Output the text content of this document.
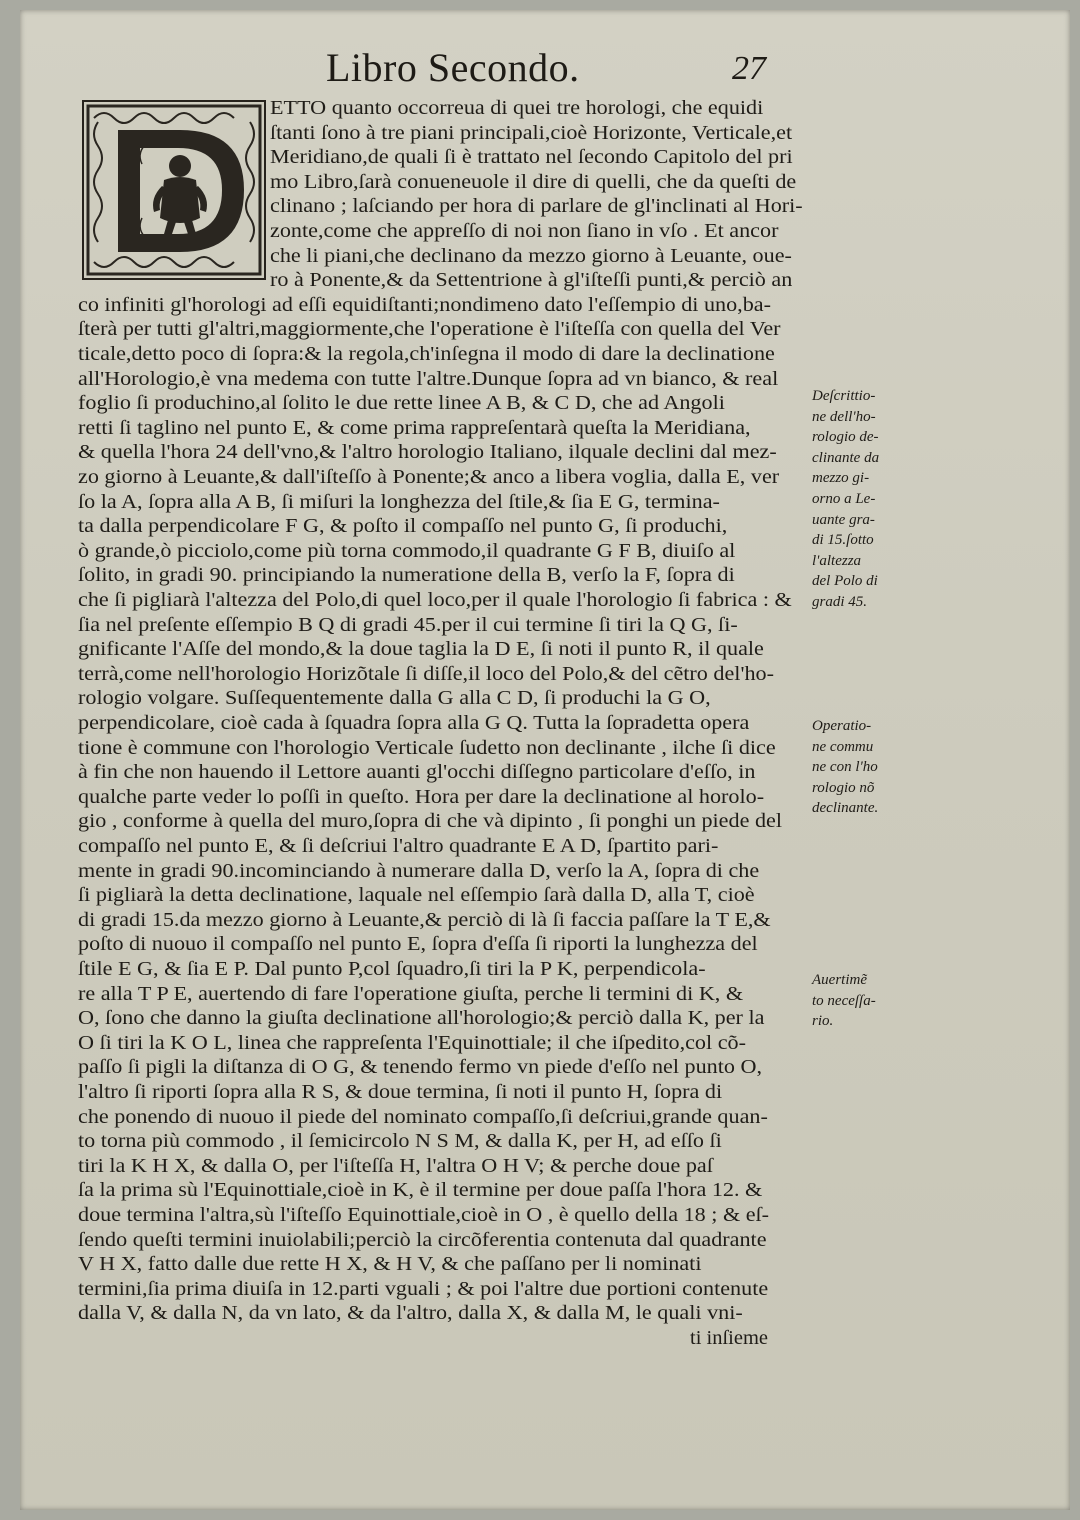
Libro Secondo.	27
ETTO quanto occorreua di quei tre horologi, che equidi
ſtanti ſono à tre piani principali,cioè Horizonte, Verticale,et
Meridiano,de quali ſi è trattato nel ſecondo Capitolo del pri
mo Libro,ſarà conueneuole il dire di quelli, che da queſti de
clinano ; laſciando per hora di parlare de gl'inclinati al Hori-
zonte,come che appreſſo di noi non ſiano in vſo . Et ancor
che li piani,che declinano da mezzo giorno à Leuante, oue-
ro à Ponente,& da Settentrione à gl'iſteſſi punti,& perciò an
co infiniti gl'horologi ad eſſi equidiſtanti;nondimeno dato l'eſſempio di uno,ba-
ſterà per tutti gl'altri,maggiormente,che l'operatione è l'iſteſſa con quella del Ver
ticale,detto poco di ſopra:& la regola,ch'inſegna il modo di dare la declinatione
all'Horologio,è vna medema con tutte l'altre.Dunque ſopra ad vn bianco, & real
foglio ſi produchino,al ſolito le due rette linee A B, & C D, che ad Angoli
retti ſi taglino nel punto E, & come prima rappreſentarà queſta la Meridiana,
& quella l'hora 24 dell'vno,& l'altro horologio Italiano, ilquale declini dal mez-
zo giorno à Leuante,& dall'iſteſſo à Ponente;& anco a libera voglia, dalla E, ver
ſo la A, ſopra alla A B, ſi miſuri la longhezza del ſtile,& ſia E G, termina-
ta dalla perpendicolare F G, & poſto il compaſſo nel punto G, ſi produchi,
ò grande,ò picciolo,come più torna commodo,il quadrante G F B, diuiſo al
ſolito, in gradi 90. principiando la numeratione della B, verſo la F, ſopra di
che ſi pigliarà l'altezza del Polo,di quel loco,per il quale l'horologio ſi fabrica : &
ſia nel preſente eſſempio B Q di gradi 45.per il cui termine ſi tiri la Q G, ſi-
gnificante l'Aſſe del mondo,& la doue taglia la D E, ſi noti il punto R, il quale
terrà,come nell'horologio Horizõtale ſi diſſe,il loco del Polo,& del cẽtro del'ho-
rologio volgare. Suſſequentemente dalla G alla C D, ſi produchi la G O,
perpendicolare, cioè cada à ſquadra ſopra alla G Q. Tutta la ſopradetta opera
tione è commune con l'horologio Verticale ſudetto non declinante , ilche ſi dice
à fin che non hauendo il Lettore auanti gl'occhi diſſegno particolare d'eſſo, in
qualche parte veder lo poſſi in queſto. Hora per dare la declinatione al horolo-
gio , conforme à quella del muro,ſopra di che và dipinto , ſi ponghi un piede del
compaſſo nel punto E, & ſi deſcriui l'altro quadrante E A D, ſpartito pari-
mente in gradi 90.incominciando à numerare dalla D, verſo la A, ſopra di che
ſi pigliarà la detta declinatione, laquale nel eſſempio ſarà dalla D, alla T, cioè
di gradi 15.da mezzo giorno à Leuante,& perciò di là ſi faccia paſſare la T E,&
poſto di nuouo il compaſſo nel punto E, ſopra d'eſſa ſi riporti la lunghezza del
ſtile E G, & ſia E P. Dal punto P,col ſquadro,ſi tiri la P K, perpendicola-
re alla T P E, auertendo di fare l'operatione giuſta, perche li termini di K, &
O, ſono che danno la giuſta declinatione all'horologio;& perciò dalla K, per la
O ſi tiri la K O L, linea che rappreſenta l'Equinottiale; il che iſpedito,col cõ-
paſſo ſi pigli la diſtanza di O G, & tenendo fermo vn piede d'eſſo nel punto O,
l'altro ſi riporti ſopra alla R S, & doue termina, ſi noti il punto H, ſopra di
che ponendo di nuouo il piede del nominato compaſſo,ſi deſcriui,grande quan-
to torna più commodo , il ſemicircolo N S M, & dalla K, per H, ad eſſo ſi
tiri la K H X, & dalla O, per l'iſteſſa H, l'altra O H V; & perche doue paſ
ſa la prima sù l'Equinottiale,cioè in K, è il termine per doue paſſa l'hora 12. &
doue termina l'altra,sù l'iſteſſo Equinottiale,cioè in O , è quello della 18 ; & eſ-
ſendo queſti termini inuiolabili;perciò la circõferentia contenuta dal quadrante
V H X, fatto dalle due rette H X, & H V, & che paſſano per li nominati
termini,ſia prima diuiſa in 12.parti vguali ; & poi l'altre due portioni contenute
dalla V, & dalla N, da vn lato, & da l'altro, dalla X, & dalla M, le quali vni-
ti inſieme
Deſcrittio-
ne dell'ho-
rologio de-
clinante da
mezzo gi-
orno a Le-
uante gra-
di 15.ſotto
l'altezza
del Polo di
gradi 45.
Operatio-
ne commu
ne con l'ho
rologio nõ
declinante.
Auertimẽ
to neceſſa-
rio.
